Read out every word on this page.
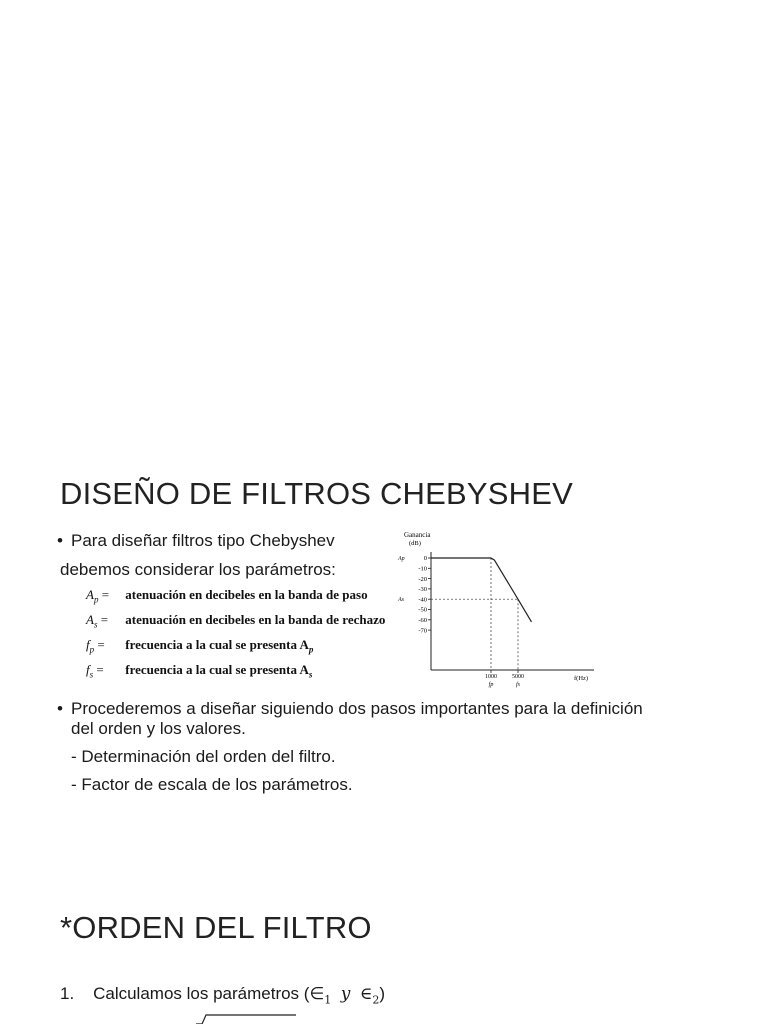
DISEÑO DE FILTROS CHEBYSHEV
• Para diseñar filtros tipo Chebyshev
debemos considerar los parámetros:
$A_p$ = atenuación en decibeles en la banda de paso
$A_s$ = atenuación en decibeles en la banda de rechazo
$f_p$ = frecuencia a la cual se presenta $A_p$
$f_s$ = frecuencia a la cual se presenta $A_s$
Ganancia
(dB)
f(Hz)
0
-10
-20
-30
-40
-50
-60
-70
Ap
As
1000
fp
5000
fs
• Procederemos a diseñar siguiendo dos pasos importantes para la definición
del orden y los valores.
- Determinación del orden del filtro.
- Factor de escala de los parámetros.
*ORDEN DEL FILTRO
1. Calculamos los parámetros ($\in_1$ y $\in_2$)
